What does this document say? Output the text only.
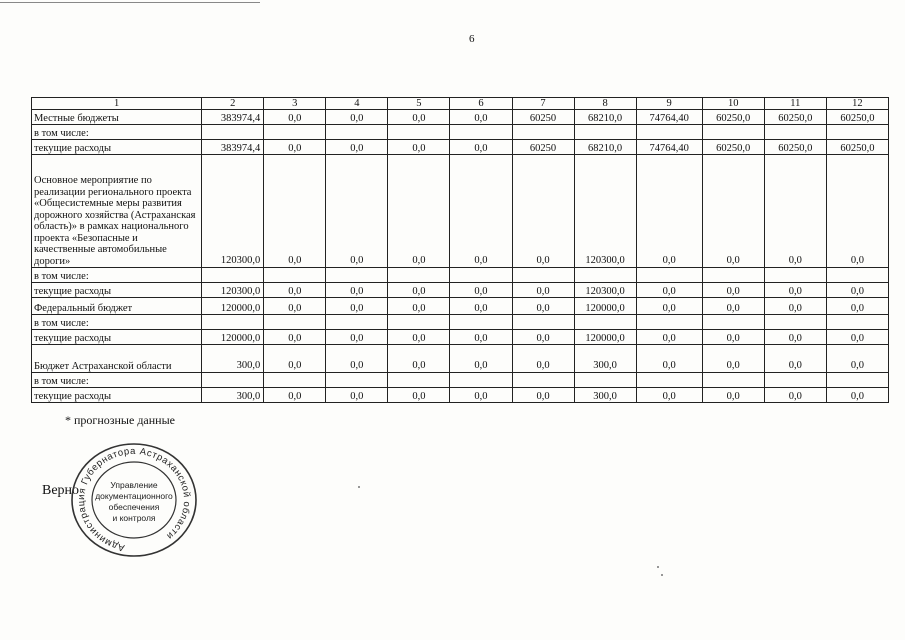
6
1	2	3	4	5	6	7	8	9	10	11	12
Местные бюджеты	383974,4	0,0	0,0	0,0	0,0	60250	68210,0	74764,40	60250,0	60250,0	60250,0
в том числе:											
текущие расходы	383974,4	0,0	0,0	0,0	0,0	60250	68210,0	74764,40	60250,0	60250,0	60250,0
Основное мероприятие по реализации регионального проекта «Общесистемные меры развития дорожного хозяйства (Астраханская область)» в рамках национального проекта «Безопасные и качественные автомобильные дороги»	120300,0	0,0	0,0	0,0	0,0	0,0	120300,0	0,0	0,0	0,0	0,0
в том числе:											
текущие расходы	120300,0	0,0	0,0	0,0	0,0	0,0	120300,0	0,0	0,0	0,0	0,0
Федеральный бюджет	120000,0	0,0	0,0	0,0	0,0	0,0	120000,0	0,0	0,0	0,0	0,0
в том числе:											
текущие расходы	120000,0	0,0	0,0	0,0	0,0	0,0	120000,0	0,0	0,0	0,0	0,0
Бюджет Астраханской области	300,0	0,0	0,0	0,0	0,0	0,0	300,0	0,0	0,0	0,0	0,0
в том числе:											
текущие расходы	300,0	0,0	0,0	0,0	0,0	0,0	300,0	0,0	0,0	0,0	0,0
* прогнозные данные
Верно
Администрация Губернатора Астраханской области
Управление
документационного
обеспечения
и контроля
